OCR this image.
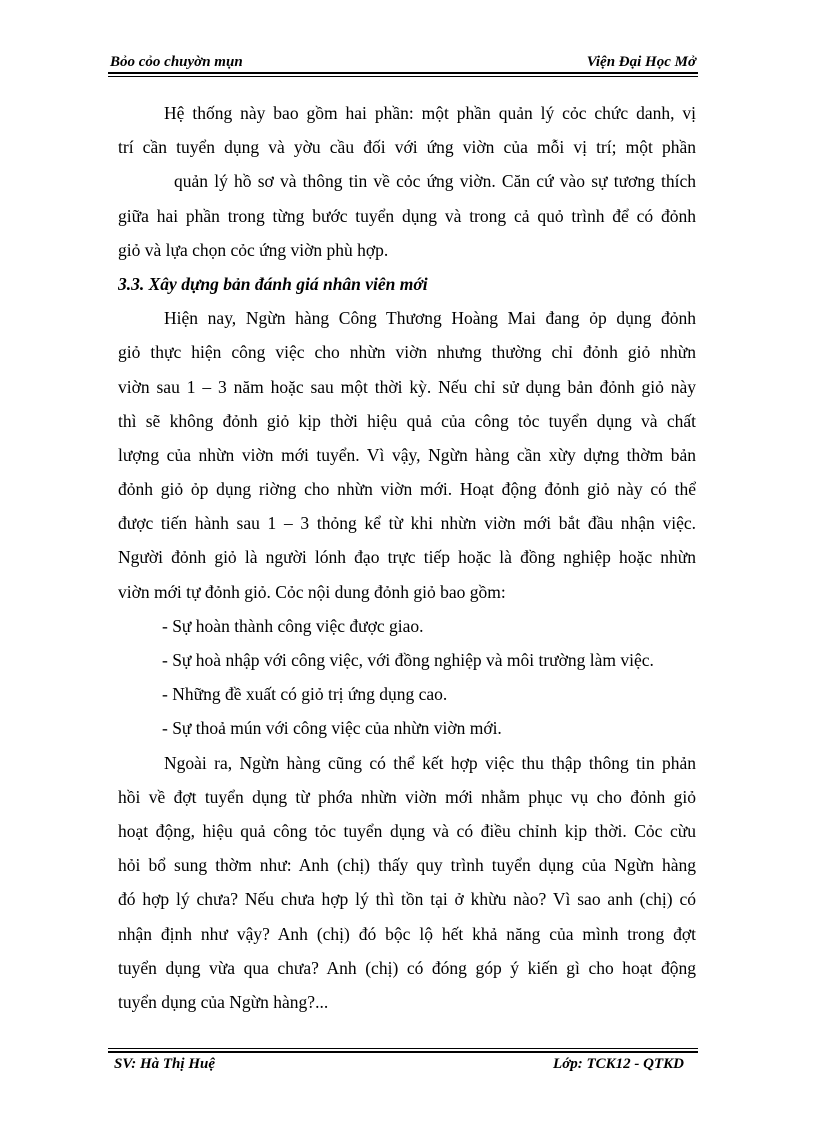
Bỏo cỏo chuyờn mụn	Viện Đại Học Mở
Hệ thống này bao gồm hai phần: một phần quản lý cỏc chức danh, vị
trí cần tuyển dụng và yờu cầu đối với ứng viờn của mỗi vị trí; một phần
quản lý hồ sơ và thông tin về cỏc ứng viờn. Căn cứ vào sự tương thích
giữa hai phần trong từng bước tuyển dụng và trong cả quỏ trình để có đỏnh
giỏ và lựa chọn cỏc ứng viờn phù hợp.
3.3. Xây dựng bản đánh giá nhân viên mới
Hiện nay, Ngừn hàng Công Thương Hoàng Mai đang ỏp dụng đỏnh
giỏ thực hiện công việc cho nhừn viờn nhưng thường chỉ đỏnh giỏ nhừn
viờn sau 1 – 3 năm hoặc sau một thời kỳ. Nếu chỉ sử dụng bản đỏnh giỏ này
thì sẽ không đỏnh giỏ kịp thời hiệu quả của công tỏc tuyển dụng và chất
lượng của nhừn viờn mới tuyển. Vì vậy, Ngừn hàng cần xừy dựng thờm bản
đỏnh giỏ ỏp dụng riờng cho nhừn viờn mới. Hoạt động đỏnh giỏ này có thể
được tiến hành sau 1 – 3 thỏng kể từ khi nhừn viờn mới bắt đầu nhận việc.
Người đỏnh giỏ là người lónh đạo trực tiếp hoặc là đồng nghiệp hoặc nhừn
viờn mới tự đỏnh giỏ. Cỏc nội dung đỏnh giỏ bao gồm:
- Sự hoàn thành công việc được giao.
- Sự hoà nhập với công việc, với đồng nghiệp và môi trường làm việc.
- Những đề xuất có giỏ trị ứng dụng cao.
- Sự thoả mún với công việc của nhừn viờn mới.
Ngoài ra, Ngừn hàng cũng có thể kết hợp việc thu thập thông tin phản
hồi về đợt tuyển dụng từ phớa nhừn viờn mới nhằm phục vụ cho đỏnh giỏ
hoạt động, hiệu quả công tỏc tuyển dụng và có điều chỉnh kịp thời. Cỏc cừu
hỏi bổ sung thờm như: Anh (chị) thấy quy trình tuyển dụng của Ngừn hàng
đó hợp lý chưa? Nếu chưa hợp lý thì tồn tại ở khừu nào? Vì sao anh (chị) có
nhận định như vậy? Anh (chị) đó bộc lộ hết khả năng của mình trong đợt
tuyển dụng vừa qua chưa? Anh (chị) có đóng góp ý kiến gì cho hoạt động
tuyển dụng của Ngừn hàng?...
SV: Hà Thị Huệ	Lớp: TCK12 - QTKD
